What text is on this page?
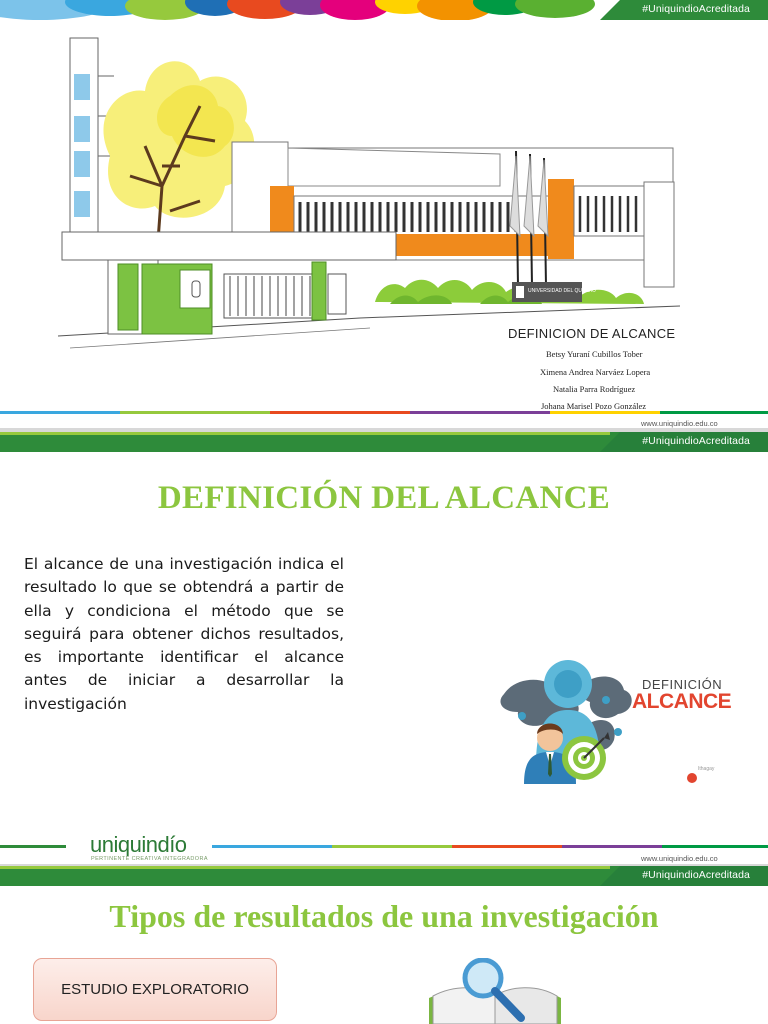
#UniquindioAcreditada
UNIVERSIDAD DEL QUINDÍO
DEFINICION DE ALCANCE
Betsy Yuraní Cubillos Tober
Ximena Andrea Narváez Lopera
Natalia Parra Rodríguez
Johana Marisel Pozo González
www.uniquindio.edu.co
#UniquindioAcreditada
DEFINICIÓN DEL ALCANCE

El alcance de una investigación indica el resultado lo que se obtendrá a partir de ella y condiciona el método que se seguirá para obtener dichos resultados, es importante identificar el alcance antes de iniciar a desarrollar la investigación

DEFINICIÓN
ALCANCE
Ithagay
uniquindío
PERTINENTE CREATIVA INTEGRADORA	www.uniquindio.edu.co
#UniquindioAcreditada
Tipos de resultados de una investigación
ESTUDIO EXPLORATORIO
